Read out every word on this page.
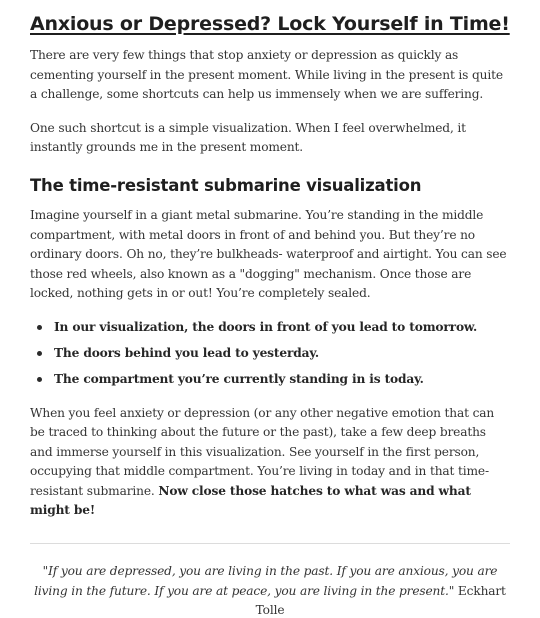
Anxious or Depressed? Lock Yourself in Time!

There are very few things that stop anxiety or depression as quickly as cementing yourself in the present moment. While living in the present is quite a challenge, some shortcuts can help us immensely when we are suffering.

One such shortcut is a simple visualization. When I feel overwhelmed, it instantly grounds me in the present moment.

The time-resistant submarine visualization

Imagine yourself in a giant metal submarine. You’re standing in the middle compartment, with metal doors in front of and behind you. But they’re no ordinary doors. Oh no, they’re bulkheads- waterproof and airtight. You can see those red wheels, also known as a "dogging" mechanism. Once those are locked, nothing gets in or out! You’re completely sealed.

In our visualization, the doors in front of you lead to tomorrow.
The doors behind you lead to yesterday.
The compartment you’re currently standing in is today.

When you feel anxiety or depression (or any other negative emotion that can be traced to thinking about the future or the past), take a few deep breaths and immerse yourself in this visualization. See yourself in the first person, occupying that middle compartment. You’re living in today and in that time-resistant submarine. Now close those hatches to what was and what might be!

"If you are depressed, you are living in the past. If you are anxious, you are living in the future. If you are at peace, you are living in the present." Eckhart Tolle
